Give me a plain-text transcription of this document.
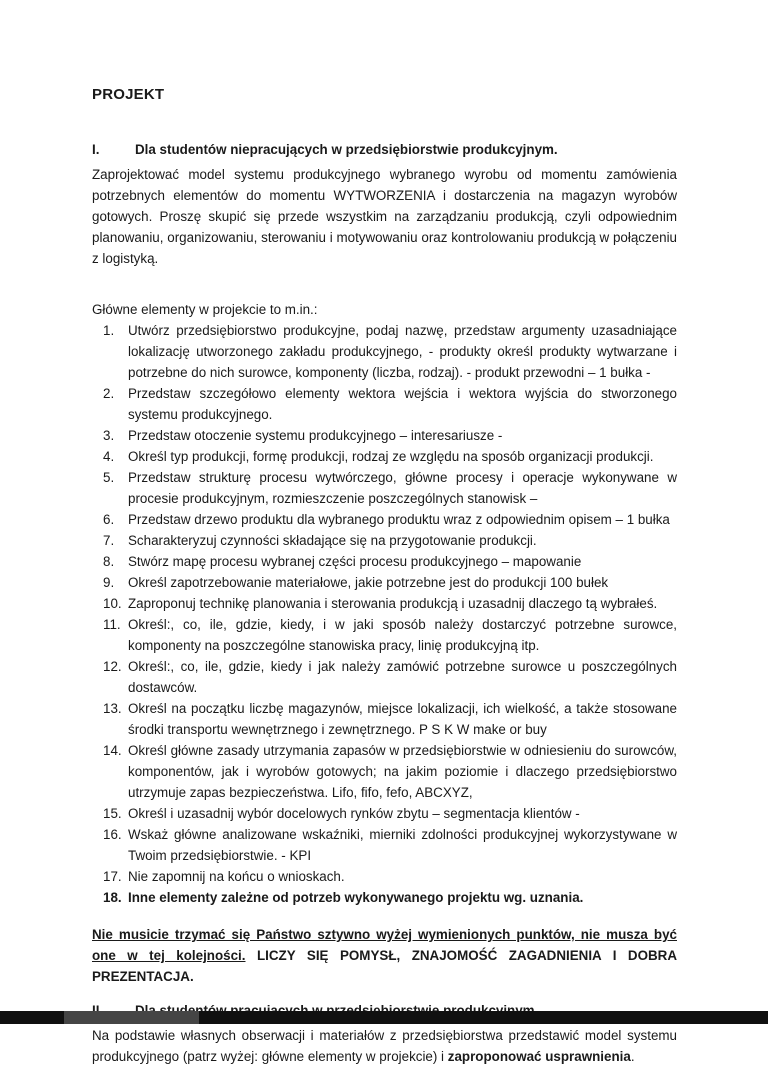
PROJEKT
I.	Dla studentów niepracujących w przedsiębiorstwie produkcyjnym.

Zaprojektować model systemu produkcyjnego wybranego wyrobu od momentu zamówienia potrzebnych elementów do momentu WYTWORZENIA i dostarczenia na magazyn wyrobów gotowych. Proszę skupić się przede wszystkim na zarządzaniu produkcją, czyli odpowiednim planowaniu, organizowaniu, sterowaniu i motywowaniu oraz kontrolowaniu produkcją w połączeniu z logistyką.

Główne elementy w projekcie to m.in.:

1.	Utwórz przedsiębiorstwo produkcyjne, podaj nazwę, przedstaw argumenty uzasadniające lokalizację utworzonego zakładu produkcyjnego, - produkty określ produkty wytwarzane i potrzebne do nich surowce, komponenty (liczba, rodzaj). - produkt przewodni – 1 bułka -
2.	Przedstaw szczegółowo elementy wektora wejścia i wektora wyjścia do stworzonego systemu produkcyjnego.
3.	Przedstaw otoczenie systemu produkcyjnego – interesariusze -
4.	Określ typ produkcji, formę produkcji, rodzaj ze względu na sposób organizacji produkcji.
5.	Przedstaw strukturę procesu wytwórczego, główne procesy i operacje wykonywane w procesie produkcyjnym, rozmieszczenie poszczególnych stanowisk –
6.	Przedstaw drzewo produktu dla wybranego produktu wraz z odpowiednim opisem – 1 bułka
7.	Scharakteryzuj czynności składające się na przygotowanie produkcji.
8.	Stwórz mapę procesu wybranej części procesu produkcyjnego – mapowanie
9.	Określ zapotrzebowanie materiałowe, jakie potrzebne jest do produkcji 100 bułek
10. Zaproponuj technikę planowania i sterowania produkcją i uzasadnij dlaczego tą wybrałeś.
11. Określ:, co, ile, gdzie, kiedy, i w jaki sposób należy dostarczyć potrzebne surowce, komponenty na poszczególne stanowiska pracy, linię produkcyjną itp.
12. Określ:, co, ile, gdzie, kiedy i jak należy zamówić potrzebne surowce u poszczególnych dostawców.
13. Określ na początku liczbę magazynów, miejsce lokalizacji, ich wielkość, a także stosowane środki transportu wewnętrznego i zewnętrznego. P S K W make or buy
14. Określ główne zasady utrzymania zapasów w przedsiębiorstwie w odniesieniu do surowców, komponentów, jak i wyrobów gotowych; na jakim poziomie i dlaczego przedsiębiorstwo utrzymuje zapas bezpieczeństwa. Lifo, fifo, fefo, ABCXYZ,
15. Określ i uzasadnij wybór docelowych rynków zbytu – segmentacja klientów -
16. Wskaż główne analizowane wskaźniki, mierniki zdolności produkcyjnej wykorzystywane w Twoim przedsiębiorstwie. - KPI
17. Nie zapomnij na końcu o wnioskach.
18. Inne elementy zależne od potrzeb wykonywanego projektu wg. uznania.

Nie musicie trzymać się Państwo sztywno wyżej wymienionych punktów, nie musza być one w tej kolejności. LICZY SIĘ POMYSŁ, ZNAJOMOŚĆ ZAGADNIENIA I DOBRA PREZENTACJA.

Na podstawie własnych obserwacji i materiałów z przedsiębiorstwa przedstawić model systemu produkcyjnego (patrz wyżej: główne elementy w projekcie) i zaproponować usprawnienia.
